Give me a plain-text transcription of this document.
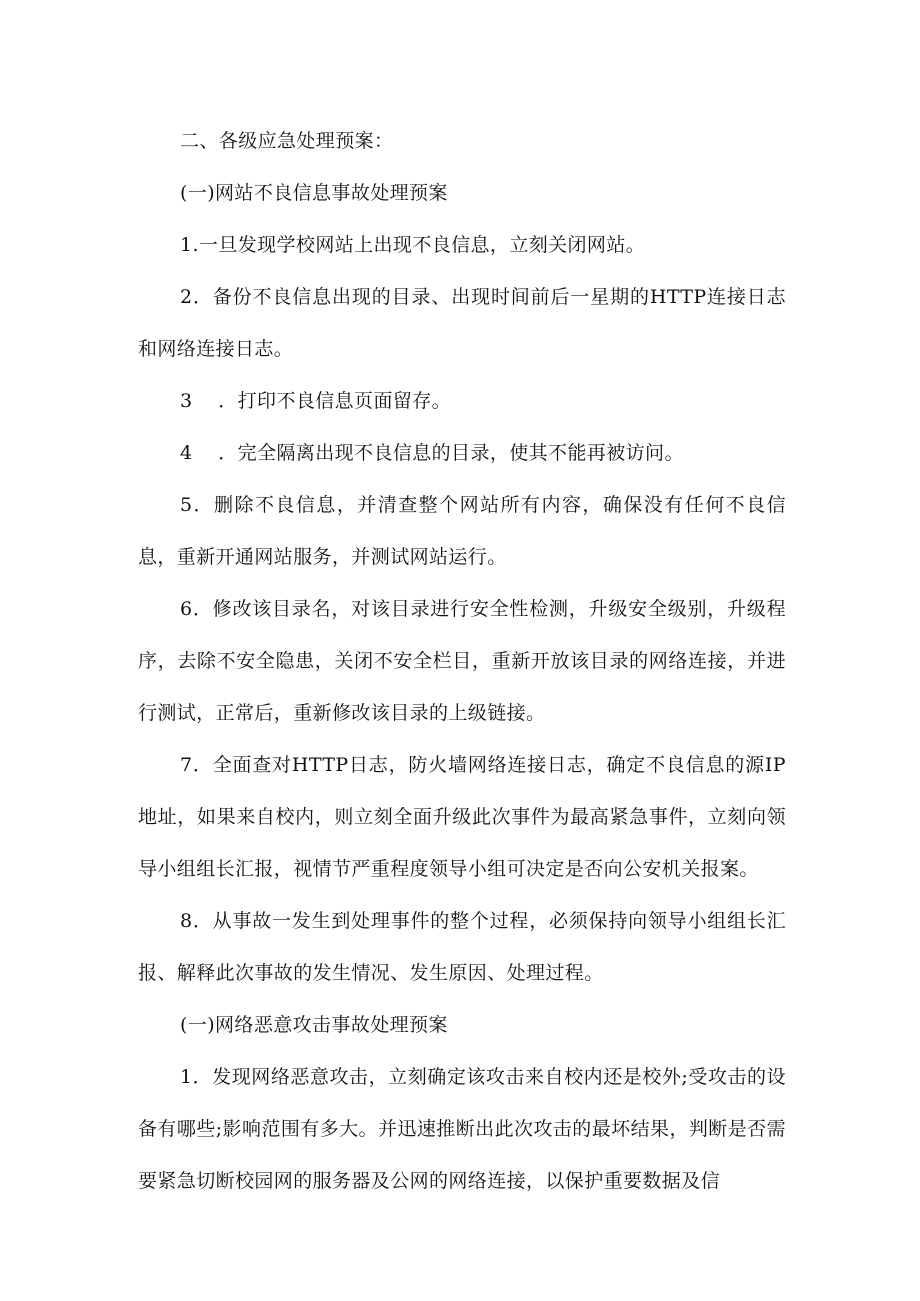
二、各级应急处理预案：

(一)网站不良信息事故处理预案

1.一旦发现学校网站上出现不良信息，立刻关闭网站。

2．备份不良信息出现的目录、出现时间前后一星期的HTTP连接日志和网络连接日志。

3    ．打印不良信息页面留存。

4    ．完全隔离出现不良信息的目录，使其不能再被访问。

5．删除不良信息，并清查整个网站所有内容，确保没有任何不良信息，重新开通网站服务，并测试网站运行。

6．修改该目录名，对该目录进行安全性检测，升级安全级别，升级程序，去除不安全隐患，关闭不安全栏目，重新开放该目录的网络连接，并进行测试，正常后，重新修改该目录的上级链接。

7．全面查对HTTP日志，防火墙网络连接日志，确定不良信息的源IP地址，如果来自校内，则立刻全面升级此次事件为最高紧急事件，立刻向领导小组组长汇报，视情节严重程度领导小组可决定是否向公安机关报案。

8．从事故一发生到处理事件的整个过程，必须保持向领导小组组长汇报、解释此次事故的发生情况、发生原因、处理过程。

(一)网络恶意攻击事故处理预案

1．发现网络恶意攻击，立刻确定该攻击来自校内还是校外;受攻击的设备有哪些;影响范围有多大。并迅速推断出此次攻击的最坏结果，判断是否需要紧急切断校园网的服务器及公网的网络连接，以保护重要数据及信
